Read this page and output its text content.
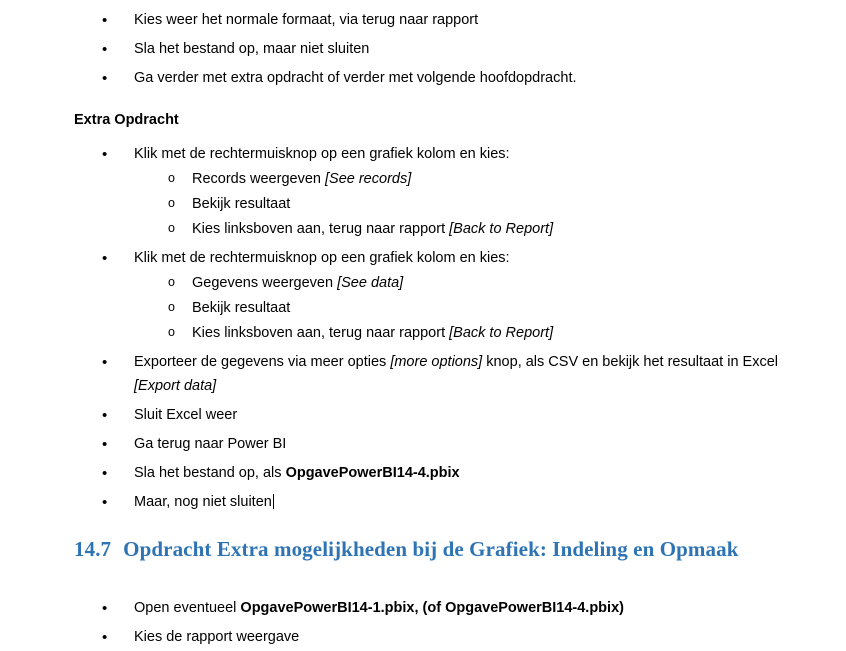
• Kies weer het normale formaat, via terug naar rapport
• Sla het bestand op, maar niet sluiten
• Ga verder met extra opdracht of verder met volgende hoofdopdracht.
Extra Opdracht
• Klik met de rechtermuisknop op een grafiek kolom en kies:
o Records weergeven [See records]
o Bekijk resultaat
o Kies linksboven aan, terug naar rapport [Back to Report]
• Klik met de rechtermuisknop op een grafiek kolom en kies:
o Gegevens weergeven [See data]
o Bekijk resultaat
o Kies linksboven aan, terug naar rapport [Back to Report]
• Exporteer de gegevens via meer opties [more options] knop, als CSV en bekijk het resultaat in Excel [Export data]
• Sluit Excel weer
• Ga terug naar Power BI
• Sla het bestand op, als OpgavePowerBI14-4.pbix
• Maar, nog niet sluiten
14.7 Opdracht Extra mogelijkheden bij de Grafiek: Indeling en Opmaak
• Open eventueel OpgavePowerBI14-1.pbix, (of OpgavePowerBI14-4.pbix)
• Kies de rapport weergave
